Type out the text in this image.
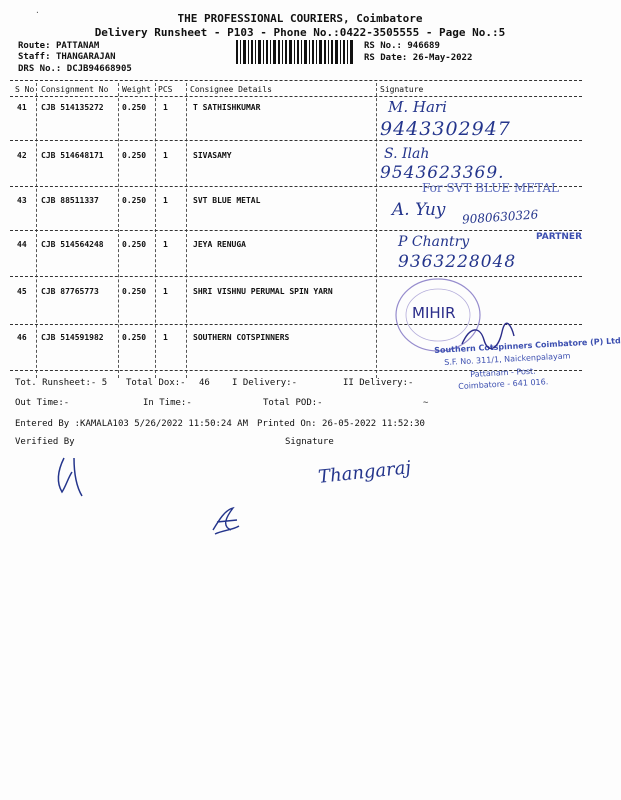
THE PROFESSIONAL COURIERS, Coimbatore
Delivery Runsheet - P103 - Phone No.:0422-3505555 - Page No.:5
Route: PATTANAM
Staff: THANGARAJAN
DRS No.: DCJB94668905
RS No.: 946689
RS Date: 26-May-2022
S No Consignment No Weight PCS Consignee Details	Signature
41 CJB 514135272 0.250 1	T SATHISHKUMAR
42 CJB 514648171 0.250 1	SIVASAMY
43 CJB 88511337	0.250 1	SVT BLUE METAL
44 CJB 514564248 0.250 1	JEYA RENUGA
45 CJB 87765773	0.250 1	SHRI VISHNU PERUMAL SPIN YARN
46 CJB 514591982 0.250 1	SOUTHERN COTSPINNERS
Tot. Runsheet:- 5 Total Dox:- 46 I Delivery:-	II Delivery:-
Out Time:-	In Time:-	Total POD:-
Entered By :KAMALA103 5/26/2022 11:50:24 AM Printed On: 26-05-2022 11:52:30
Verified By	Signature
M. Hari
9443302947
S. Ilah
9543623369.
For SVT BLUE METAL
A. Yuy 9080630326
PARTNER
P Chantry
9363228048
MIHIR
Southern Cotspinners Coimbatore (P) Ltd
S.F. No. 311/1, Naickenpalayam
Pattanam - Post.
Coimbatore - 641 016.
Thangaraj
·
∼
